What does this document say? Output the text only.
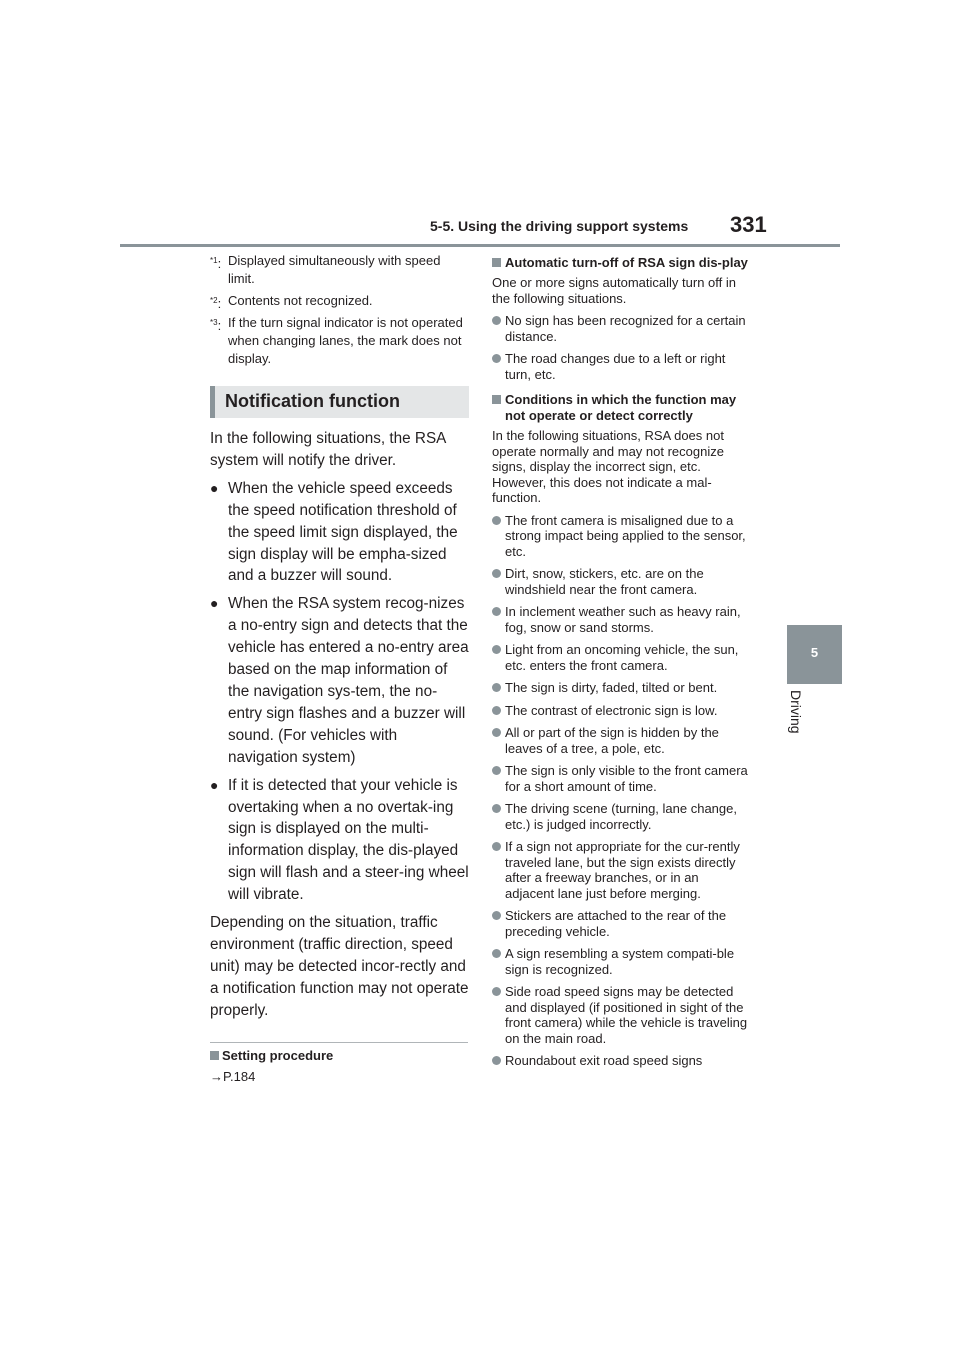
5-5. Using the driving support systems 331
5
Driving
$^{*1}$: Displayed simultaneously with speed limit.
$^{*2}$: Contents not recognized.
$^{*3}$: If the turn signal indicator is not operated when changing lanes, the mark does not display.
Notification function
In the following situations, the RSA system will notify the driver.
● When the vehicle speed exceeds the speed notification threshold of the speed limit sign displayed, the sign display will be empha-sized and a buzzer will sound.
● When the RSA system recog-nizes a no-entry sign and detects that the vehicle has entered a no-entry area based on the map information of the navigation sys-tem, the no-entry sign flashes and a buzzer will sound. (For vehicles with navigation system)
● If it is detected that your vehicle is overtaking when a no overtak-ing sign is displayed on the multi-information display, the dis-played sign will flash and a steer-ing wheel will vibrate.
Depending on the situation, traffic environment (traffic direction, speed unit) may be detected incor-rectly and a notification function may not operate properly.
Setting procedure
→P.184
Automatic turn-off of RSA sign dis-play
One or more signs automatically turn off in the following situations.
No sign has been recognized for a certain distance.
The road changes due to a left or right turn, etc.
Conditions in which the function may not operate or detect correctly
In the following situations, RSA does not operate normally and may not recognize signs, display the incorrect sign, etc. However, this does not indicate a mal-function.
The front camera is misaligned due to a strong impact being applied to the sensor, etc.
Dirt, snow, stickers, etc. are on the windshield near the front camera.
In inclement weather such as heavy rain, fog, snow or sand storms.
Light from an oncoming vehicle, the sun, etc. enters the front camera.
The sign is dirty, faded, tilted or bent.
The contrast of electronic sign is low.
All or part of the sign is hidden by the leaves of a tree, a pole, etc.
The sign is only visible to the front camera for a short amount of time.
The driving scene (turning, lane change, etc.) is judged incorrectly.
If a sign not appropriate for the cur-rently traveled lane, but the sign exists directly after a freeway branches, or in an adjacent lane just before merging.
Stickers are attached to the rear of the preceding vehicle.
A sign resembling a system compati-ble sign is recognized.
Side road speed signs may be detected and displayed (if positioned in sight of the front camera) while the vehicle is traveling on the main road.
Roundabout exit road speed signs
